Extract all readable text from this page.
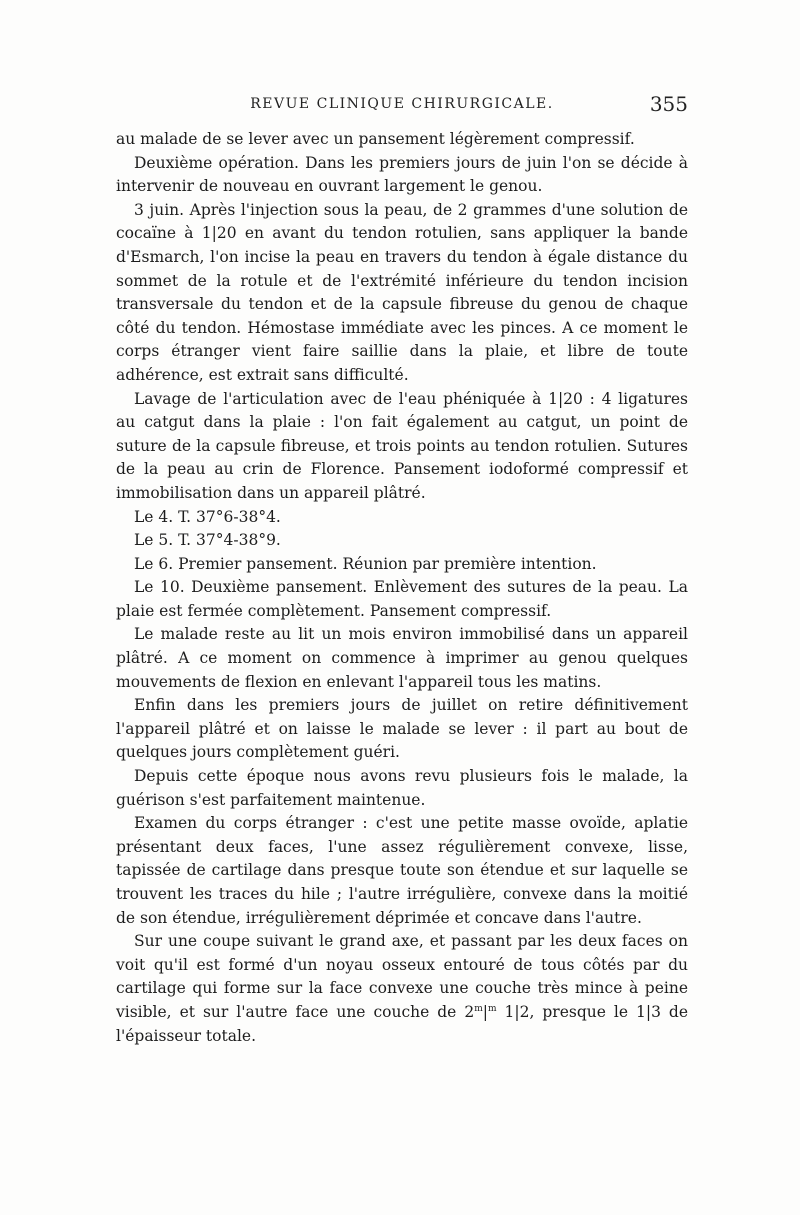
REVUE CLINIQUE CHIRURGICALE.	355

au malade de se lever avec un pansement légèrement compressif.

Deuxième opération. Dans les premiers jours de juin l'on se décide à intervenir de nouveau en ouvrant largement le genou.

3 juin. Après l'injection sous la peau, de 2 grammes d'une solution de cocaïne à 1|20 en avant du tendon rotulien, sans appliquer la bande d'Esmarch, l'on incise la peau en travers du tendon à égale distance du sommet de la rotule et de l'extrémité inférieure du tendon incision transversale du tendon et de la capsule fibreuse du genou de chaque côté du tendon. Hémostase immédiate avec les pinces. A ce moment le corps étranger vient faire saillie dans la plaie, et libre de toute adhérence, est extrait sans difficulté.

Lavage de l'articulation avec de l'eau phéniquée à 1|20 : 4 ligatures au catgut dans la plaie : l'on fait également au catgut, un point de suture de la capsule fibreuse, et trois points au tendon rotulien. Sutures de la peau au crin de Florence. Pansement iodoformé compressif et immobilisation dans un appareil plâtré.

Le 4. T. 37°6-38°4.

Le 5. T. 37°4-38°9.

Le 6. Premier pansement. Réunion par première intention.

Le 10. Deuxième pansement. Enlèvement des sutures de la peau. La plaie est fermée complètement. Pansement compressif.

Le malade reste au lit un mois environ immobilisé dans un appareil plâtré. A ce moment on commence à imprimer au genou quelques mouvements de flexion en enlevant l'appareil tous les matins.

Enfin dans les premiers jours de juillet on retire définitivement l'appareil plâtré et on laisse le malade se lever : il part au bout de quelques jours complètement guéri.

Depuis cette époque nous avons revu plusieurs fois le malade, la guérison s'est parfaitement maintenue.

Examen du corps étranger : c'est une petite masse ovoïde, aplatie présentant deux faces, l'une assez régulièrement convexe, lisse, tapissée de cartilage dans presque toute son étendue et sur laquelle se trouvent les traces du hile ; l'autre irrégulière, convexe dans la moitié de son étendue, irrégulièrement déprimée et concave dans l'autre.

Sur une coupe suivant le grand axe, et passant par les deux faces on voit qu'il est formé d'un noyau osseux entouré de tous côtés par du cartilage qui forme sur la face convexe une couche très mince à peine visible, et sur l'autre face une couche de $2^m|^m$ 1|2, presque le 1|3 de l'épaisseur totale.
